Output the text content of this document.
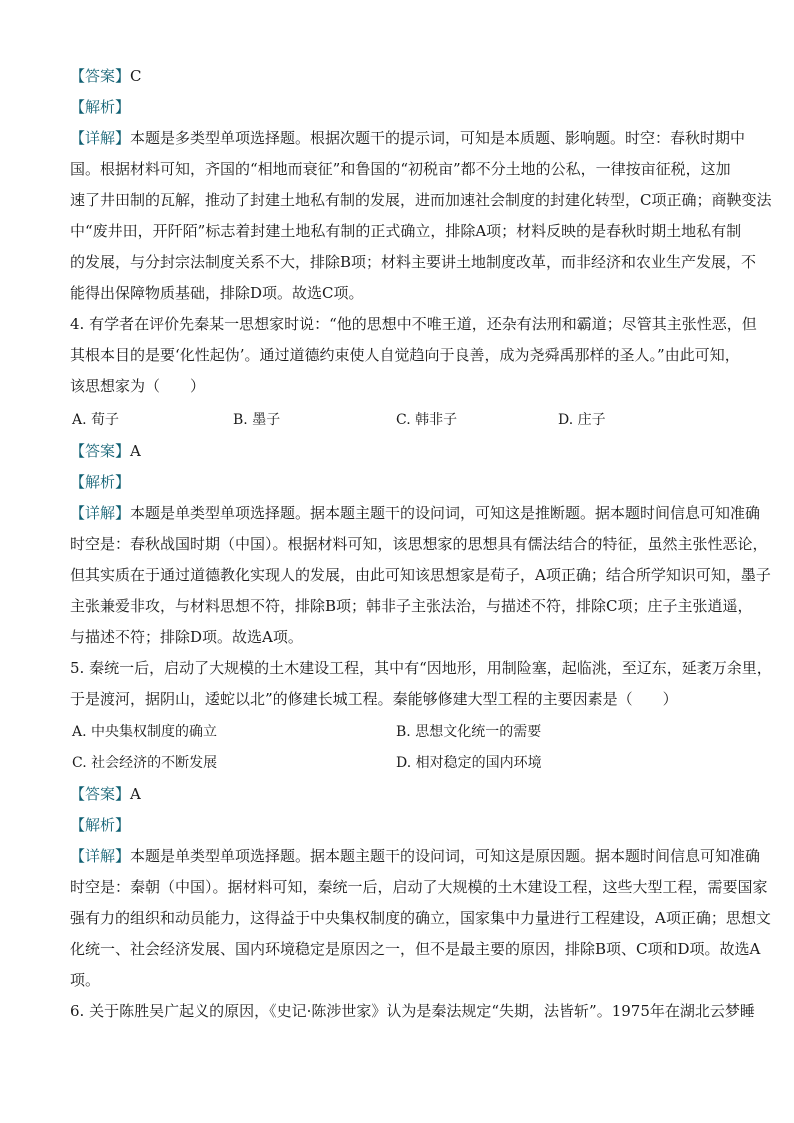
【答案】C
【解析】
【详解】本题是多类型单项选择题。根据次题干的提示词，可知是本质题、影响题。时空：春秋时期中
国。根据材料可知，齐国的“相地而衰征”和鲁国的“初税亩”都不分土地的公私，一律按亩征税，这加
速了井田制的瓦解，推动了封建土地私有制的发展，进而加速社会制度的封建化转型，C项正确；商鞅变法
中“废井田，开阡陌”标志着封建土地私有制的正式确立，排除A项；材料反映的是春秋时期土地私有制
的发展，与分封宗法制度关系不大，排除B项；材料主要讲土地制度改革，而非经济和农业生产发展，不
能得出保障物质基础，排除D项。故选C项。
4. 有学者在评价先秦某一思想家时说：“他的思想中不唯王道，还杂有法刑和霸道；尽管其主张性恶，但
其根本目的是要‘化性起伪’。通过道德约束使人自觉趋向于良善，成为尧舜禹那样的圣人。”由此可知，
该思想家为（　　）
A. 荀子	B. 墨子	C. 韩非子	D. 庄子
【答案】A
【解析】
【详解】本题是单类型单项选择题。据本题主题干的设问词，可知这是推断题。据本题时间信息可知准确
时空是：春秋战国时期（中国）。根据材料可知，该思想家的思想具有儒法结合的特征，虽然主张性恶论，
但其实质在于通过道德教化实现人的发展，由此可知该思想家是荀子，A项正确；结合所学知识可知，墨子
主张兼爱非攻，与材料思想不符，排除B项；韩非子主张法治，与描述不符，排除C项；庄子主张逍遥，
与描述不符；排除D项。故选A项。
5. 秦统一后，启动了大规模的土木建设工程，其中有“因地形，用制险塞，起临洮，至辽东，延袤万余里，
于是渡河，据阴山，逶蛇以北”的修建长城工程。秦能够修建大型工程的主要因素是（　　）
A. 中央集权制度的确立	B. 思想文化统一的需要
C. 社会经济的不断发展	D. 相对稳定的国内环境
【答案】A
【解析】
【详解】本题是单类型单项选择题。据本题主题干的设问词，可知这是原因题。据本题时间信息可知准确
时空是：秦朝（中国）。据材料可知，秦统一后，启动了大规模的土木建设工程，这些大型工程，需要国家
强有力的组织和动员能力，这得益于中央集权制度的确立，国家集中力量进行工程建设，A项正确；思想文
化统一、社会经济发展、国内环境稳定是原因之一，但不是最主要的原因，排除B项、C项和D项。故选A
项。
6. 关于陈胜吴广起义的原因，《史记·陈涉世家》认为是秦法规定“失期，法皆斩”。1975年在湖北云梦睡
